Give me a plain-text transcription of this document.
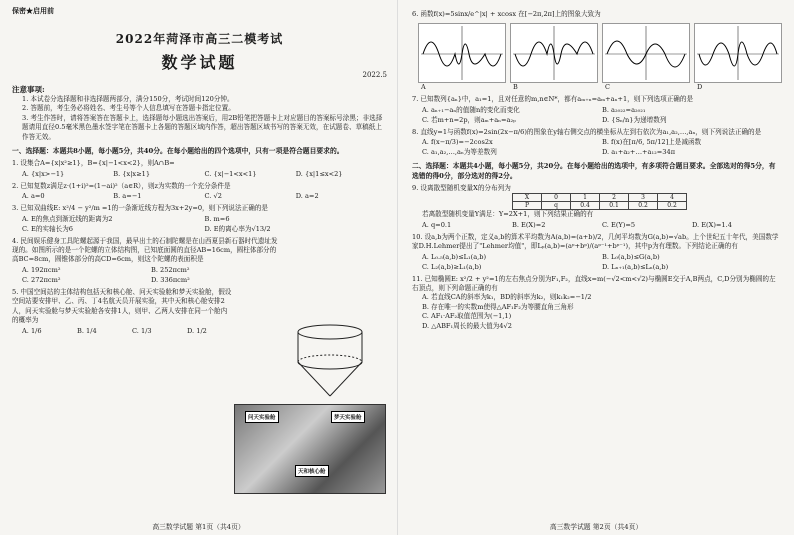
保密★启用前
2022年菏泽市高三二模考试
数学试题
2022.5
注意事项:
1. 本试卷分选择题和非选择题两部分，满分150分，考试时间120分钟。
2. 答题前，考生务必将姓名、考生号等个人信息填写在答题卡指定位置。
3. 考生作答时，请将答案答在答题卡上，选择题每小题选出答案后，用2B铅笔把答题卡上对应题目的答案标号涂黑；非选择题请用直径0.5毫米黑色墨水签字笔在答题卡上各题的答题区域内作答，超出答题区域书写的答案无效，在试题卷、草稿纸上作答无效。
一、选择题：本题共8小题，每小题5分，共40分。在每小题给出的四个选项中，只有一项是符合题目要求的。
1. 设集合A={x|x²≥1}，B={x|−1<x<2}，则A∩B=
A. {x|x>−1}	B. {x|x≥1}	C. {x|−1<x<1}	D. {x|1≤x<2}
2. 已知复数z满足z·(1+i)²=(1−ai)²（a∈R），则z为实数的一个充分条件是
A. a=0	B. a=−1	C. √2	D. a=2
3. 已知双曲线E: x²/4 − y²/m =1的一条渐近线方程为3x+2y=0，则下列说法正确的是
A. E的焦点到渐近线的距离为2	B. m=6
C. E的实轴长为6	D. E的离心率为√13/2
4. 民间娱乐健身工具陀螺起源于我国，最早出土的石制陀螺是在山西夏县新石器时代遗址发现的。如图所示的是一个陀螺的立体结构图，已知底面圆的直径AB=16cm，圆柱体部分的高BC=8cm，圆锥体部分的高CD=6cm，则这个陀螺的表面积是
A. 192πcm²	B. 252πcm²
C. 272πcm²	D. 336πcm²
5. 中国空间站的主体结构包括天和核心舱、问天实验舱和梦天实验舱，假设空间站要安排甲、乙、丙、丁4名航天员开展实验，其中天和核心舱安排2人，问天实验舱与梦天实验舱各安排1人，则甲、乙两人安排在同一个舱内的概率为
A. 1/6	B. 1/4	C. 1/3	D. 1/2
问天实验舱	梦天实验舱
天和核心舱
高三数学试题 第1页（共4页）
6. 函数f(x)=5sinx/e^|x| + xcosx 在[−2π,2π]上的图象大致为
A	B	C	D
7. 已知数列{aₙ}中，a₁=1，且对任意的m,n∈N*，都有aₘ₊ₙ=aₘ+aₙ+1，则下列选项正确的是
A. aₙ₊₁−aₙ的值随n的变化而变化	B. a₂₀₂₂=a₂₀₂₁
C. 若m+n=2p，则aₘ+aₙ=a₂ₚ	D. {Sₙ/n}为递增数列
8. 直线y=1与函数f(x)=2sin(2x−π/6)的图象在y轴右侧交点的横坐标从左到右依次为a₁,a₂,…,aₙ，则下列说法正确的是
A. f(x−π/3)=−2cos2x	B. f(x)在[π/6, 5π/12]上是减函数
C. a₁,a₂,…,aₙ为等差数列	D. a₁+a₂+…+a₁₂=34π
二、选择题：本题共4小题，每小题5分，共20分。在每小题给出的选项中，有多项符合题目要求。全部选对的得5分，有选错的得0分，部分选对的得2分。
9. 设离散型随机变量X的分布列为
X	0	1	2	3	4
P	q	0.4	0.1	0.2	0.2
若离散型随机变量Y满足：Y=2X+1，则下列结果正确的有
A. q=0.1	B. E(X)=2	C. E(Y)=5	D. E(X)=1.4
10. 设a,b为两个正数，定义a,b的算术平均数为A(a,b)=(a+b)/2，几何平均数为G(a,b)=√ab。上个世纪五十年代，美国数学家D.H.Lehmer提出了"Lehmer均值"，即Lₚ(a,b)=(aᵖ+bᵖ)/(aᵖ⁻¹+bᵖ⁻¹)，其中p为有理数。下列结论正确的有
A. L₀.₅(a,b)≤L₁(a,b)	B. L₀(a,b)≤G(a,b)
C. L₂(a,b)≥L₁(a,b)	D. Lₙ₊₁(a,b)≤Lₙ(a,b)
11. 已知椭圆E: x²/2 + y²=1的左右焦点分别为F₁,F₂，直线x=m(−√2<m<√2)与椭圆E交于A,B两点，C,D分别为椭圆的左右顶点，则下列命题正确的有
A. 若直线CA的斜率为k₁，BD的斜率为k₂，则k₁k₂=−1/2
B. 存在唯一的实数m使得△AF₁F₂为等腰直角三角形
C. AF₁·AF₂取值范围为(−1,1)
D. △ABF₁周长的最大值为4√2
高三数学试题 第2页（共4页）
